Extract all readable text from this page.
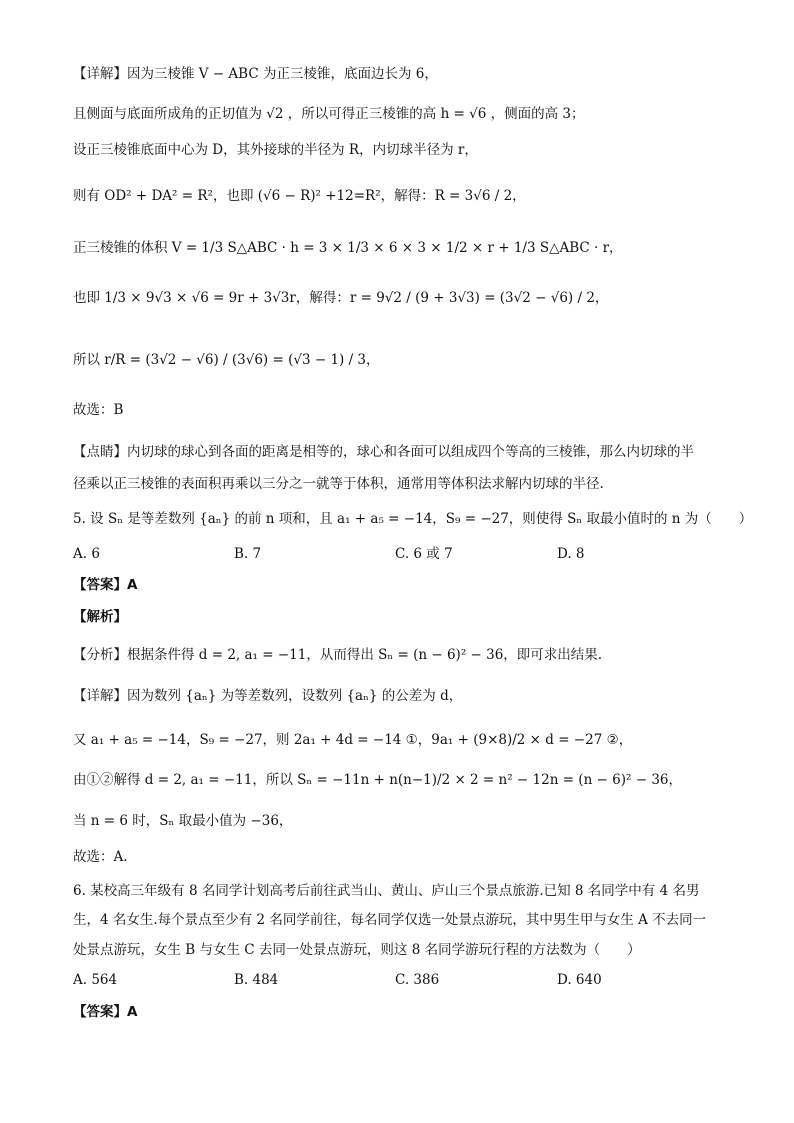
【详解】因为三棱锥 V − ABC 为正三棱锥，底面边长为 6，
且侧面与底面所成角的正切值为 √2 ，所以可得正三棱锥的高 h = √6 ，侧面的高 3；
设正三棱锥底面中心为 D，其外接球的半径为 R，内切球半径为 r，
则有 OD² + DA² = R²，也即 (√6 − R)² +12=R²，解得：R = 3√6 / 2，
正三棱锥的体积 V = 1/3 S△ABC · h = 3 × 1/3 × 6 × 3 × 1/2 × r + 1/3 S△ABC · r，
也即 1/3 × 9√3 × √6 = 9r + 3√3r，解得：r = 9√2 / (9 + 3√3) = (3√2 − √6) / 2，
所以 r/R = (3√2 − √6) / (3√6) = (√3 − 1) / 3，
故选：B
【点睛】内切球的球心到各面的距离是相等的，球心和各面可以组成四个等高的三棱锥，那么内切球的半
径乘以正三棱锥的表面积再乘以三分之一就等于体积，通常用等体积法求解内切球的半径.
5. 设 Sₙ 是等差数列 {aₙ} 的前 n 项和，且 a₁ + a₅ = −14，S₉ = −27，则使得 Sₙ 取最小值时的 n 为（　　）
A. 6	B. 7	C. 6 或 7	D. 8
【答案】A
【解析】
【分析】根据条件得 d = 2, a₁ = −11，从而得出 Sₙ = (n − 6)² − 36，即可求出结果.
【详解】因为数列 {aₙ} 为等差数列，设数列 {aₙ} 的公差为 d，
又 a₁ + a₅ = −14，S₉ = −27，则 2a₁ + 4d = −14 ①，9a₁ + (9×8)/2 × d = −27 ②，
由①②解得 d = 2, a₁ = −11，所以 Sₙ = −11n + n(n−1)/2 × 2 = n² − 12n = (n − 6)² − 36，
当 n = 6 时，Sₙ 取最小值为 −36，
故选：A.
6. 某校高三年级有 8 名同学计划高考后前往武当山、黄山、庐山三个景点旅游.已知 8 名同学中有 4 名男
生，4 名女生.每个景点至少有 2 名同学前往，每名同学仅选一处景点游玩，其中男生甲与女生 A 不去同一
处景点游玩，女生 B 与女生 C 去同一处景点游玩，则这 8 名同学游玩行程的方法数为（　　）
A. 564	B. 484	C. 386	D. 640
【答案】A
